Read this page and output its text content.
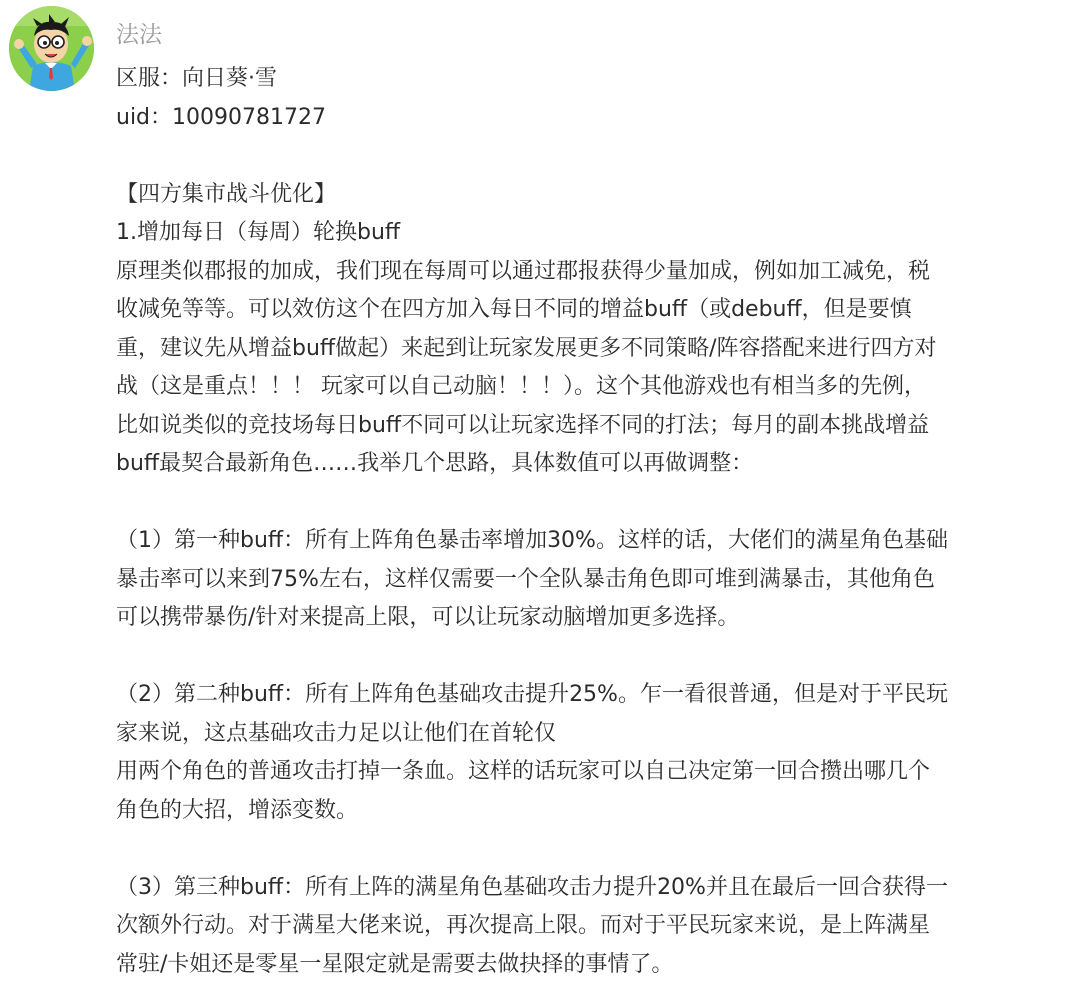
法法
区服：向日葵·雪
uid：10090781727
【四方集市战斗优化】
1.增加每日（每周）轮换buff
原理类似郡报的加成，我们现在每周可以通过郡报获得少量加成，例如加工减免，税
收减免等等。可以效仿这个在四方加入每日不同的增益buff（或debuff，但是要慎
重，建议先从增益buff做起）来起到让玩家发展更多不同策略/阵容搭配来进行四方对
战（这是重点！！！ 玩家可以自己动脑！！！）。这个其他游戏也有相当多的先例，
比如说类似的竞技场每日buff不同可以让玩家选择不同的打法；每月的副本挑战增益
buff最契合最新角色……我举几个思路，具体数值可以再做调整：
（1）第一种buff：所有上阵角色暴击率增加30%。这样的话，大佬们的满星角色基础
暴击率可以来到75%左右，这样仅需要一个全队暴击角色即可堆到满暴击，其他角色
可以携带暴伤/针对来提高上限，可以让玩家动脑增加更多选择。
（2）第二种buff：所有上阵角色基础攻击提升25%。乍一看很普通，但是对于平民玩
家来说，这点基础攻击力足以让他们在首轮仅
用两个角色的普通攻击打掉一条血。这样的话玩家可以自己决定第一回合攒出哪几个
角色的大招，增添变数。
（3）第三种buff：所有上阵的满星角色基础攻击力提升20%并且在最后一回合获得一
次额外行动。对于满星大佬来说，再次提高上限。而对于平民玩家来说，是上阵满星
常驻/卡姐还是零星一星限定就是需要去做抉择的事情了。
